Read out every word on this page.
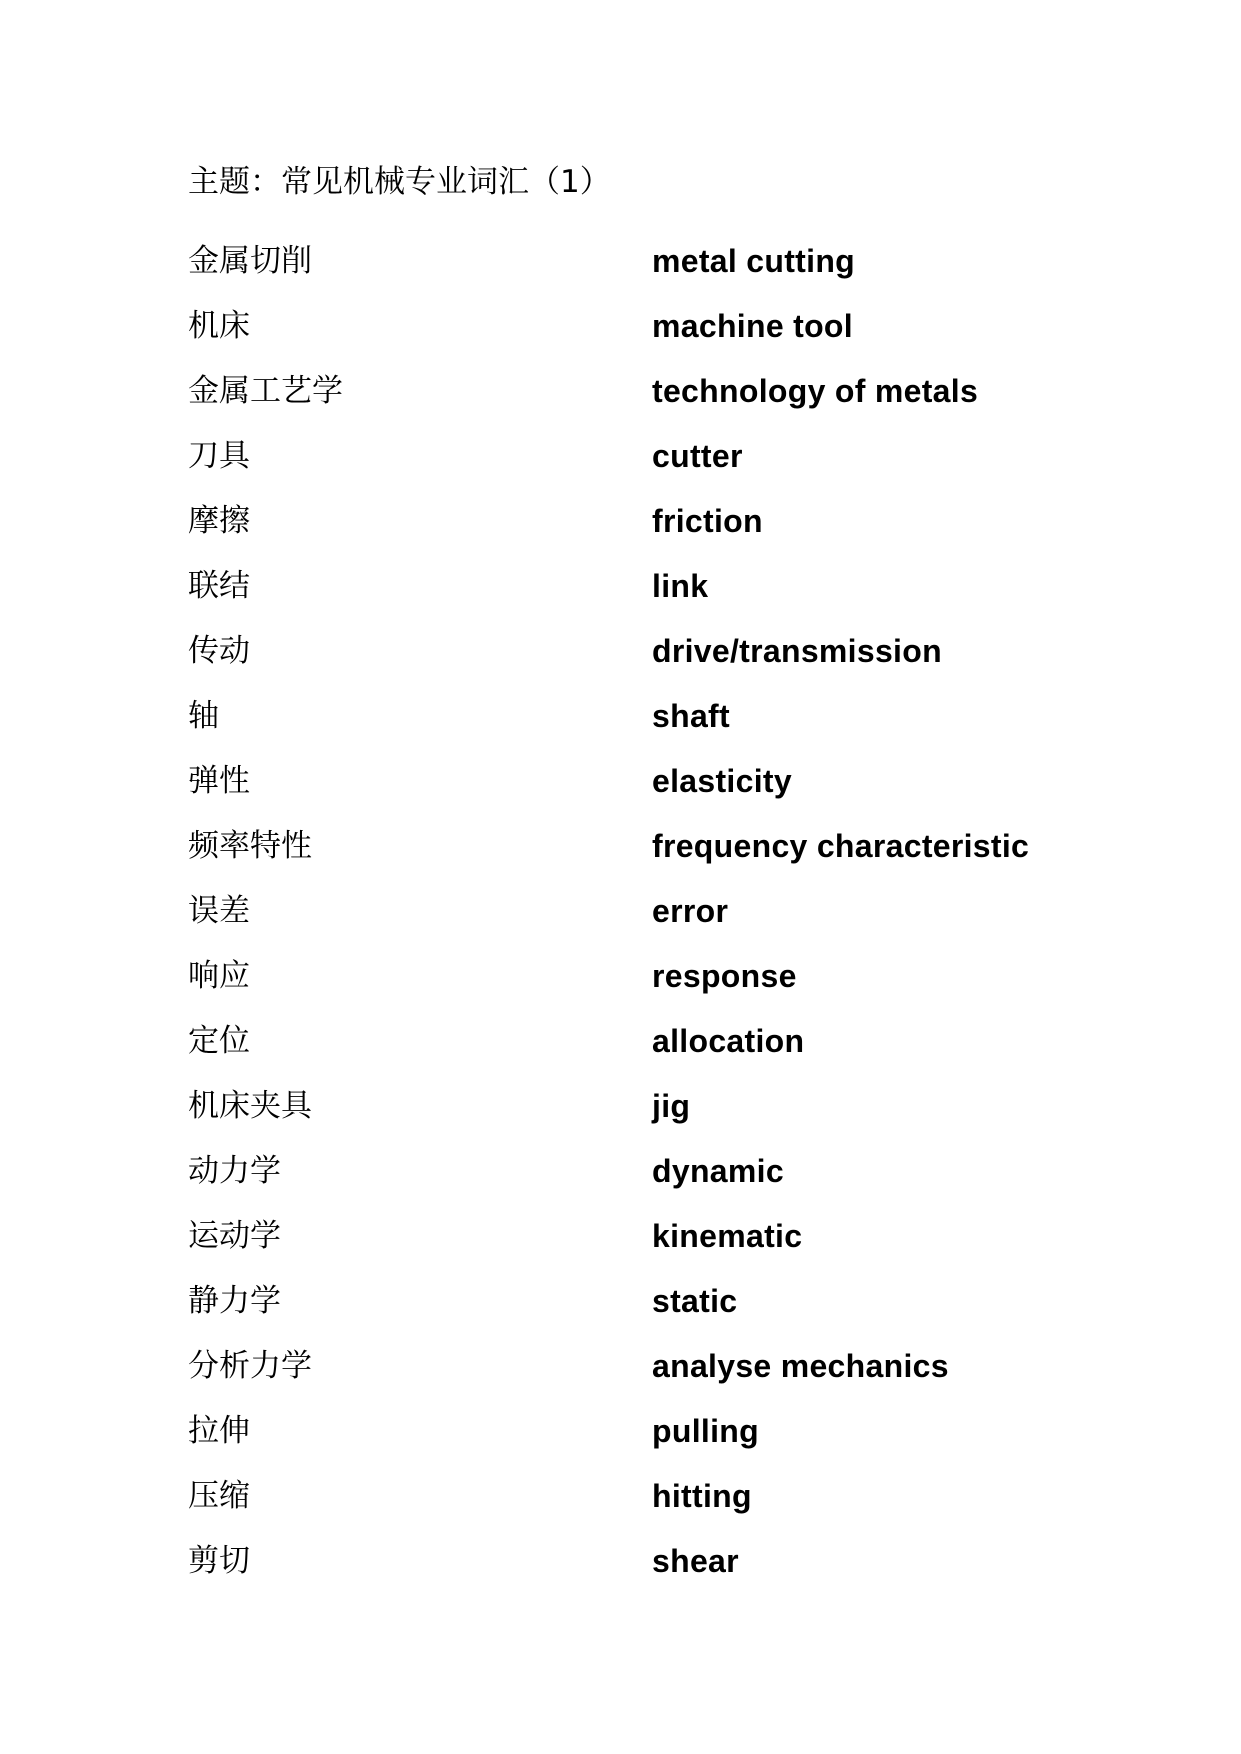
主题：常见机械专业词汇（1）
金属切削	metal cutting
机床	machine tool
金属工艺学	technology of metals
刀具	cutter
摩擦	friction
联结	link
传动	drive/transmission
轴	shaft
弹性	elasticity
频率特性	frequency characteristic
误差	error
响应	response
定位	allocation
机床夹具	jig
动力学	dynamic
运动学	kinematic
静力学	static
分析力学	analyse mechanics
拉伸	pulling
压缩	hitting
剪切	shear
